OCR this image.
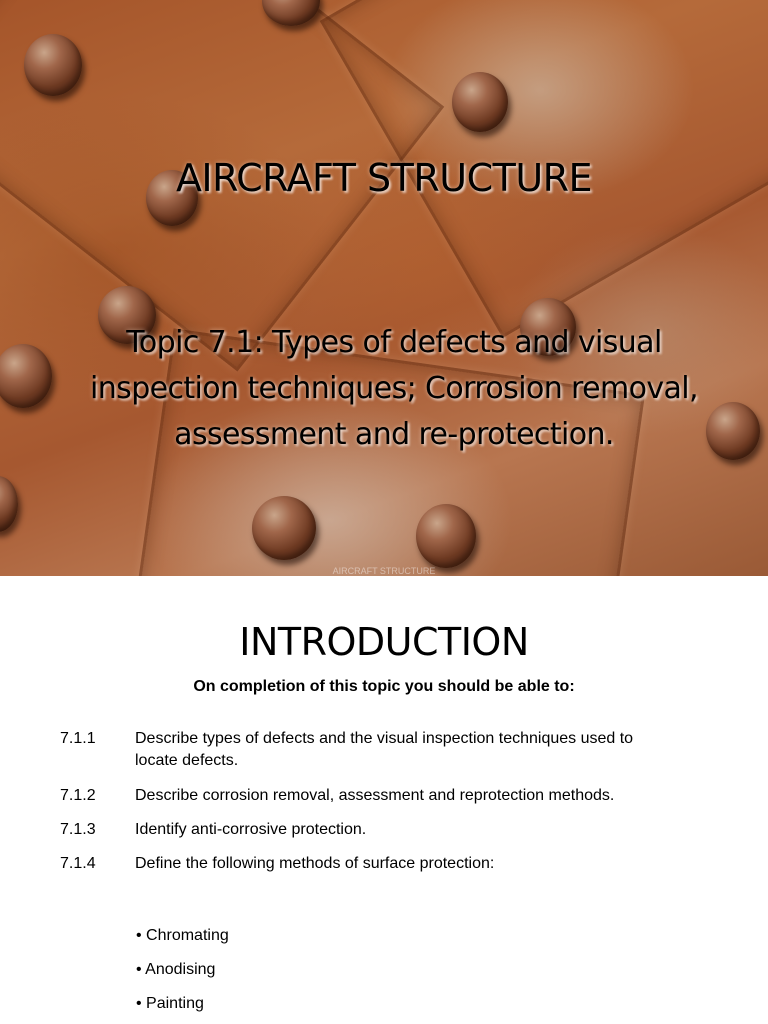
AIRCRAFT STRUCTURE
Topic 7.1: Types of defects and visual inspection techniques; Corrosion removal, assessment and re-protection.
AIRCRAFT STRUCTURE
INTRODUCTION
On completion of this topic you should be able to:
7.1.1 Describe types of defects and the visual inspection techniques used to locate defects.
7.1.2 Describe corrosion removal, assessment and reprotection methods.
7.1.3 Identify anti-corrosive protection.
7.1.4 Define the following methods of surface protection:
• Chromating
• Anodising
• Painting
